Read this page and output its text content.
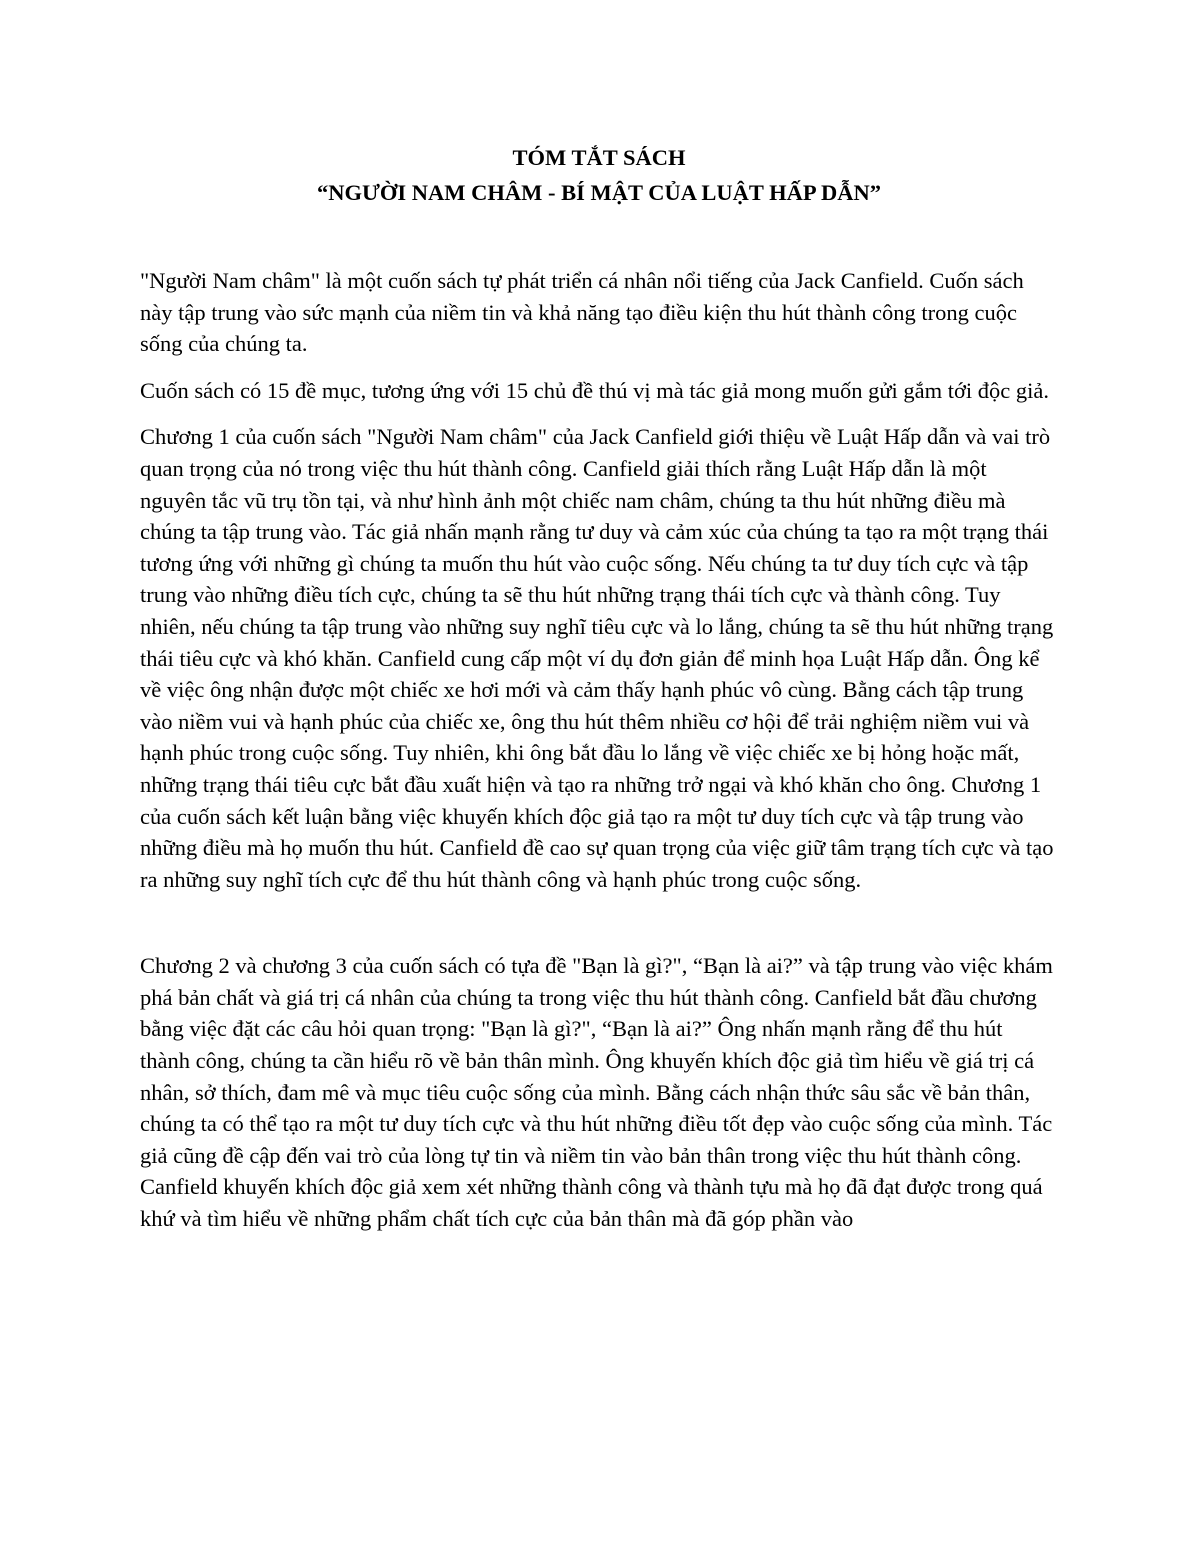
TÓM TẮT SÁCH
“NGƯỜI NAM CHÂM - BÍ MẬT CỦA LUẬT HẤP DẪN”

"Người Nam châm" là một cuốn sách tự phát triển cá nhân nổi tiếng của Jack Canfield. Cuốn sách này tập trung vào sức mạnh của niềm tin và khả năng tạo điều kiện thu hút thành công trong cuộc sống của chúng ta.

Cuốn sách có 15 đề mục, tương ứng với 15 chủ đề thú vị mà tác giả mong muốn gửi gắm tới độc giả.

Chương 1 của cuốn sách "Người Nam châm" của Jack Canfield giới thiệu về Luật Hấp dẫn và vai trò quan trọng của nó trong việc thu hút thành công. Canfield giải thích rằng Luật Hấp dẫn là một nguyên tắc vũ trụ tồn tại, và như hình ảnh một chiếc nam châm, chúng ta thu hút những điều mà chúng ta tập trung vào. Tác giả nhấn mạnh rằng tư duy và cảm xúc của chúng ta tạo ra một trạng thái tương ứng với những gì chúng ta muốn thu hút vào cuộc sống. Nếu chúng ta tư duy tích cực và tập trung vào những điều tích cực, chúng ta sẽ thu hút những trạng thái tích cực và thành công. Tuy nhiên, nếu chúng ta tập trung vào những suy nghĩ tiêu cực và lo lắng, chúng ta sẽ thu hút những trạng thái tiêu cực và khó khăn. Canfield cung cấp một ví dụ đơn giản để minh họa Luật Hấp dẫn. Ông kể về việc ông nhận được một chiếc xe hơi mới và cảm thấy hạnh phúc vô cùng. Bằng cách tập trung vào niềm vui và hạnh phúc của chiếc xe, ông thu hút thêm nhiều cơ hội để trải nghiệm niềm vui và hạnh phúc trong cuộc sống. Tuy nhiên, khi ông bắt đầu lo lắng về việc chiếc xe bị hỏng hoặc mất, những trạng thái tiêu cực bắt đầu xuất hiện và tạo ra những trở ngại và khó khăn cho ông. Chương 1 của cuốn sách kết luận bằng việc khuyến khích độc giả tạo ra một tư duy tích cực và tập trung vào những điều mà họ muốn thu hút. Canfield đề cao sự quan trọng của việc giữ tâm trạng tích cực và tạo ra những suy nghĩ tích cực để thu hút thành công và hạnh phúc trong cuộc sống.

Chương 2 và chương 3 của cuốn sách có tựa đề "Bạn là gì?", “Bạn là ai?” và tập trung vào việc khám phá bản chất và giá trị cá nhân của chúng ta trong việc thu hút thành công. Canfield bắt đầu chương bằng việc đặt các câu hỏi quan trọng: "Bạn là gì?", “Bạn là ai?” Ông nhấn mạnh rằng để thu hút thành công, chúng ta cần hiểu rõ về bản thân mình. Ông khuyến khích độc giả tìm hiểu về giá trị cá nhân, sở thích, đam mê và mục tiêu cuộc sống của mình. Bằng cách nhận thức sâu sắc về bản thân, chúng ta có thể tạo ra một tư duy tích cực và thu hút những điều tốt đẹp vào cuộc sống của mình. Tác giả cũng đề cập đến vai trò của lòng tự tin và niềm tin vào bản thân trong việc thu hút thành công. Canfield khuyến khích độc giả xem xét những thành công và thành tựu mà họ đã đạt được trong quá khứ và tìm hiểu về những phẩm chất tích cực của bản thân mà đã góp phần vào
